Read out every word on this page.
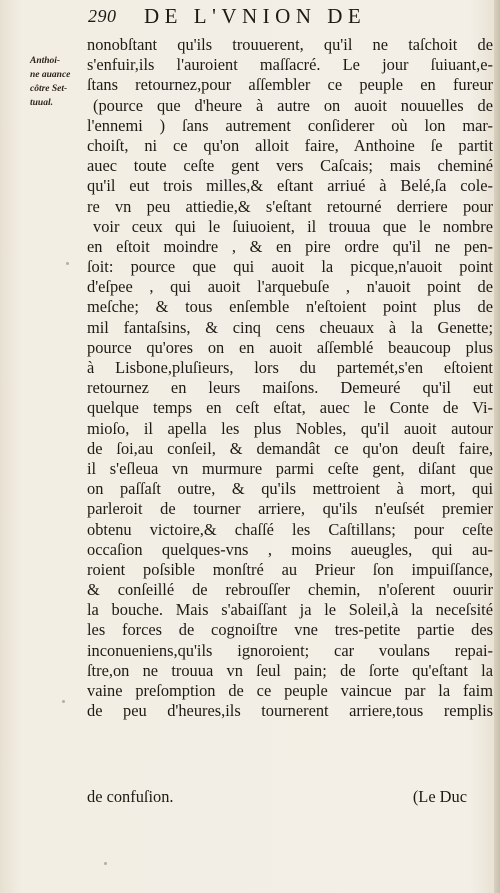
290 DE L'VNION DE
Anthoi-
ne auance
côtre Set-
tuual.
nonobſtant qu'ils trouuerent, qu'il ne taſchoit de
s'enfuir,ils l'auroient maſſacré. Le jour ſuiuant,e-
ſtans retournez,pour aſſembler ce peuple en fureur
(pource que d'heure à autre on auoit nouuelles de
l'ennemi ) ſans autrement conſiderer où lon mar-
choiſt, ni ce qu'on alloit faire, Anthoine ſe partit
auec toute ceſte gent vers Caſcais; mais cheminé
qu'il eut trois milles,& eſtant arriué à Belé,ſa cole-
re vn peu attiedie,& s'eſtant retourné derriere pour
voir ceux qui le ſuiuoient, il trouua que le nombre
en eſtoit moindre , & en pire ordre qu'il ne pen-
ſoit: pource que qui auoit la picque,n'auoit point
d'eſpee , qui auoit l'arquebuſe , n'auoit point de
meſche; & tous enſemble n'eſtoient point plus de
mil fantaſsins, & cinq cens cheuaux à la Genette;
pource qu'ores on en auoit aſſemblé beaucoup plus
à Lisbone,pluſieurs, lors du partemét,s'en eſtoient
retournez en leurs maiſons. Demeuré qu'il eut
quelque temps en ceſt eſtat, auec le Conte de Vi-
mioſo, il apella les plus Nobles, qu'il auoit autour
de ſoi,au conſeil, & demandât ce qu'on deuſt faire,
il s'eſleua vn murmure parmi ceſte gent, diſant que
on paſſaſt outre, & qu'ils mettroient à mort, qui
parleroit de tourner arriere, qu'ils n'euſsét premier
obtenu victoire,& chaſſé les Caſtillans; pour ceſte
occaſion quelques-vns , moins aueugles, qui au-
roient poſsible monſtré au Prieur ſon impuiſſance,
& conſeillé de rebrouſſer chemin, n'oſerent ouurir
la bouche. Mais s'abaiſſant ja le Soleil,à la neceſsité
les forces de cognoiſtre vne tres-petite partie des
inconueniens,qu'ils ignoroient; car voulans repai-
ſtre,on ne trouua vn ſeul pain; de ſorte qu'eſtant la
vaine preſomption de ce peuple vaincue par la faim
de peu d'heures,ils tournerent arriere,tous remplis
de confuſion.	(Le Duc
